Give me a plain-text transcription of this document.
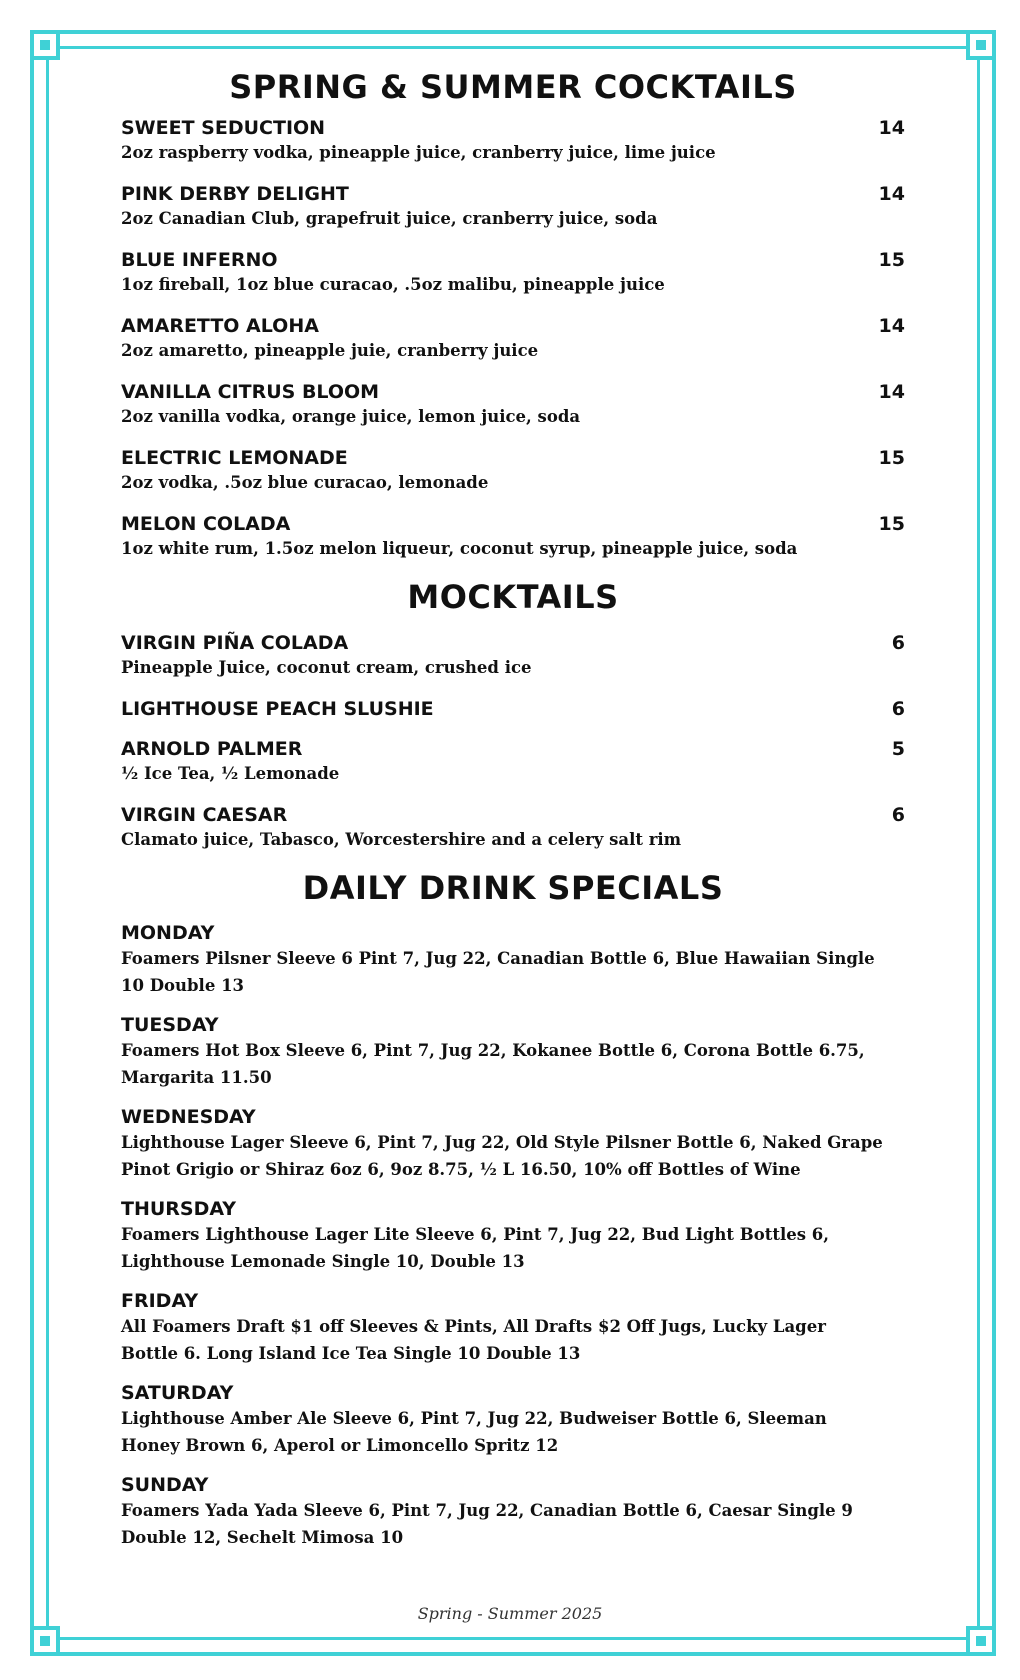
SPRING & SUMMER COCKTAILS
SWEET SEDUCTION	14
2oz raspberry vodka, pineapple juice, cranberry juice, lime juice
PINK DERBY DELIGHT	14
2oz Canadian Club, grapefruit juice, cranberry juice, soda
BLUE INFERNO	15
1oz fireball, 1oz blue curacao, .5oz malibu, pineapple juice
AMARETTO ALOHA	14
2oz amaretto, pineapple juie, cranberry juice
VANILLA CITRUS BLOOM	14
2oz vanilla vodka, orange juice, lemon juice, soda
ELECTRIC LEMONADE	15
2oz vodka, .5oz blue curacao, lemonade
MELON COLADA	15
1oz white rum, 1.5oz melon liqueur, coconut syrup, pineapple juice, soda
MOCKTAILS
VIRGIN PIÑA COLADA	6
Pineapple Juice, coconut cream, crushed ice
LIGHTHOUSE PEACH SLUSHIE	6
ARNOLD PALMER	5
½ Ice Tea, ½ Lemonade
VIRGIN CAESAR	6
Clamato juice, Tabasco, Worcestershire and a celery salt rim
DAILY DRINK SPECIALS
MONDAY
Foamers Pilsner Sleeve 6 Pint 7, Jug 22, Canadian Bottle 6, Blue Hawaiian Single 10 Double 13
TUESDAY
Foamers Hot Box Sleeve 6, Pint 7, Jug 22, Kokanee Bottle 6, Corona Bottle 6.75, Margarita 11.50
WEDNESDAY
Lighthouse Lager Sleeve 6, Pint 7, Jug 22, Old Style Pilsner Bottle 6, Naked Grape Pinot Grigio or Shiraz 6oz 6, 9oz 8.75, ½ L 16.50, 10% off Bottles of Wine
THURSDAY
Foamers Lighthouse Lager Lite Sleeve 6, Pint 7, Jug 22, Bud Light Bottles 6, Lighthouse Lemonade Single 10, Double 13
FRIDAY
All Foamers Draft $1 off Sleeves & Pints, All Drafts $2 Off Jugs, Lucky Lager Bottle 6. Long Island Ice Tea Single 10 Double 13
SATURDAY
Lighthouse Amber Ale Sleeve 6, Pint 7, Jug 22, Budweiser Bottle 6, Sleeman Honey Brown 6, Aperol or Limoncello Spritz 12
SUNDAY
Foamers Yada Yada Sleeve 6, Pint 7, Jug 22, Canadian Bottle 6, Caesar Single 9 Double 12, Sechelt Mimosa 10
Spring - Summer 2025
